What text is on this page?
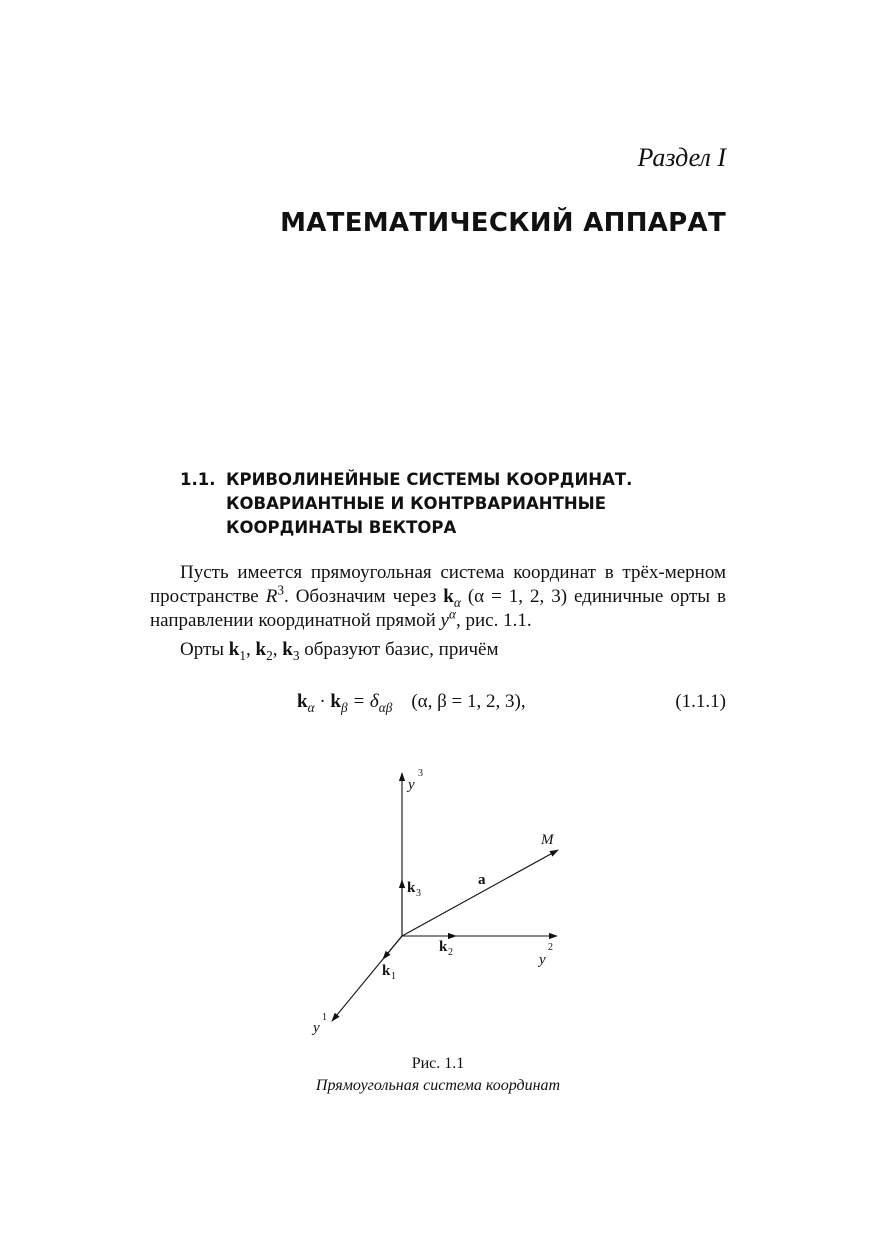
Раздел I
МАТЕМАТИЧЕСКИЙ АППАРАТ
1.1. КРИВОЛИНЕЙНЫЕ СИСТЕМЫ КООРДИНАТ.
КОВАРИАНТНЫЕ И КОНТРВАРИАНТНЫЕ
КООРДИНАТЫ ВЕКТОРА
Пусть имеется прямоугольная система координат в трёх-мерном пространстве $R^3$. Обозначим через $k_\alpha$ (α = 1, 2, 3) единичные орты в направлении координатной прямой $y^\alpha$, рис. 1.1.
Орты $k_1$, $k_2$, $k_3$ образуют базис, причём
$k_\alpha \cdot k_\beta = \delta_{\alpha\beta}$ (α, β = 1, 2, 3),	(1.1.1)
y
3
M
a
k 3
k 2	y
2
k 1
y
1
Рис. 1.1
Прямоугольная система координат
